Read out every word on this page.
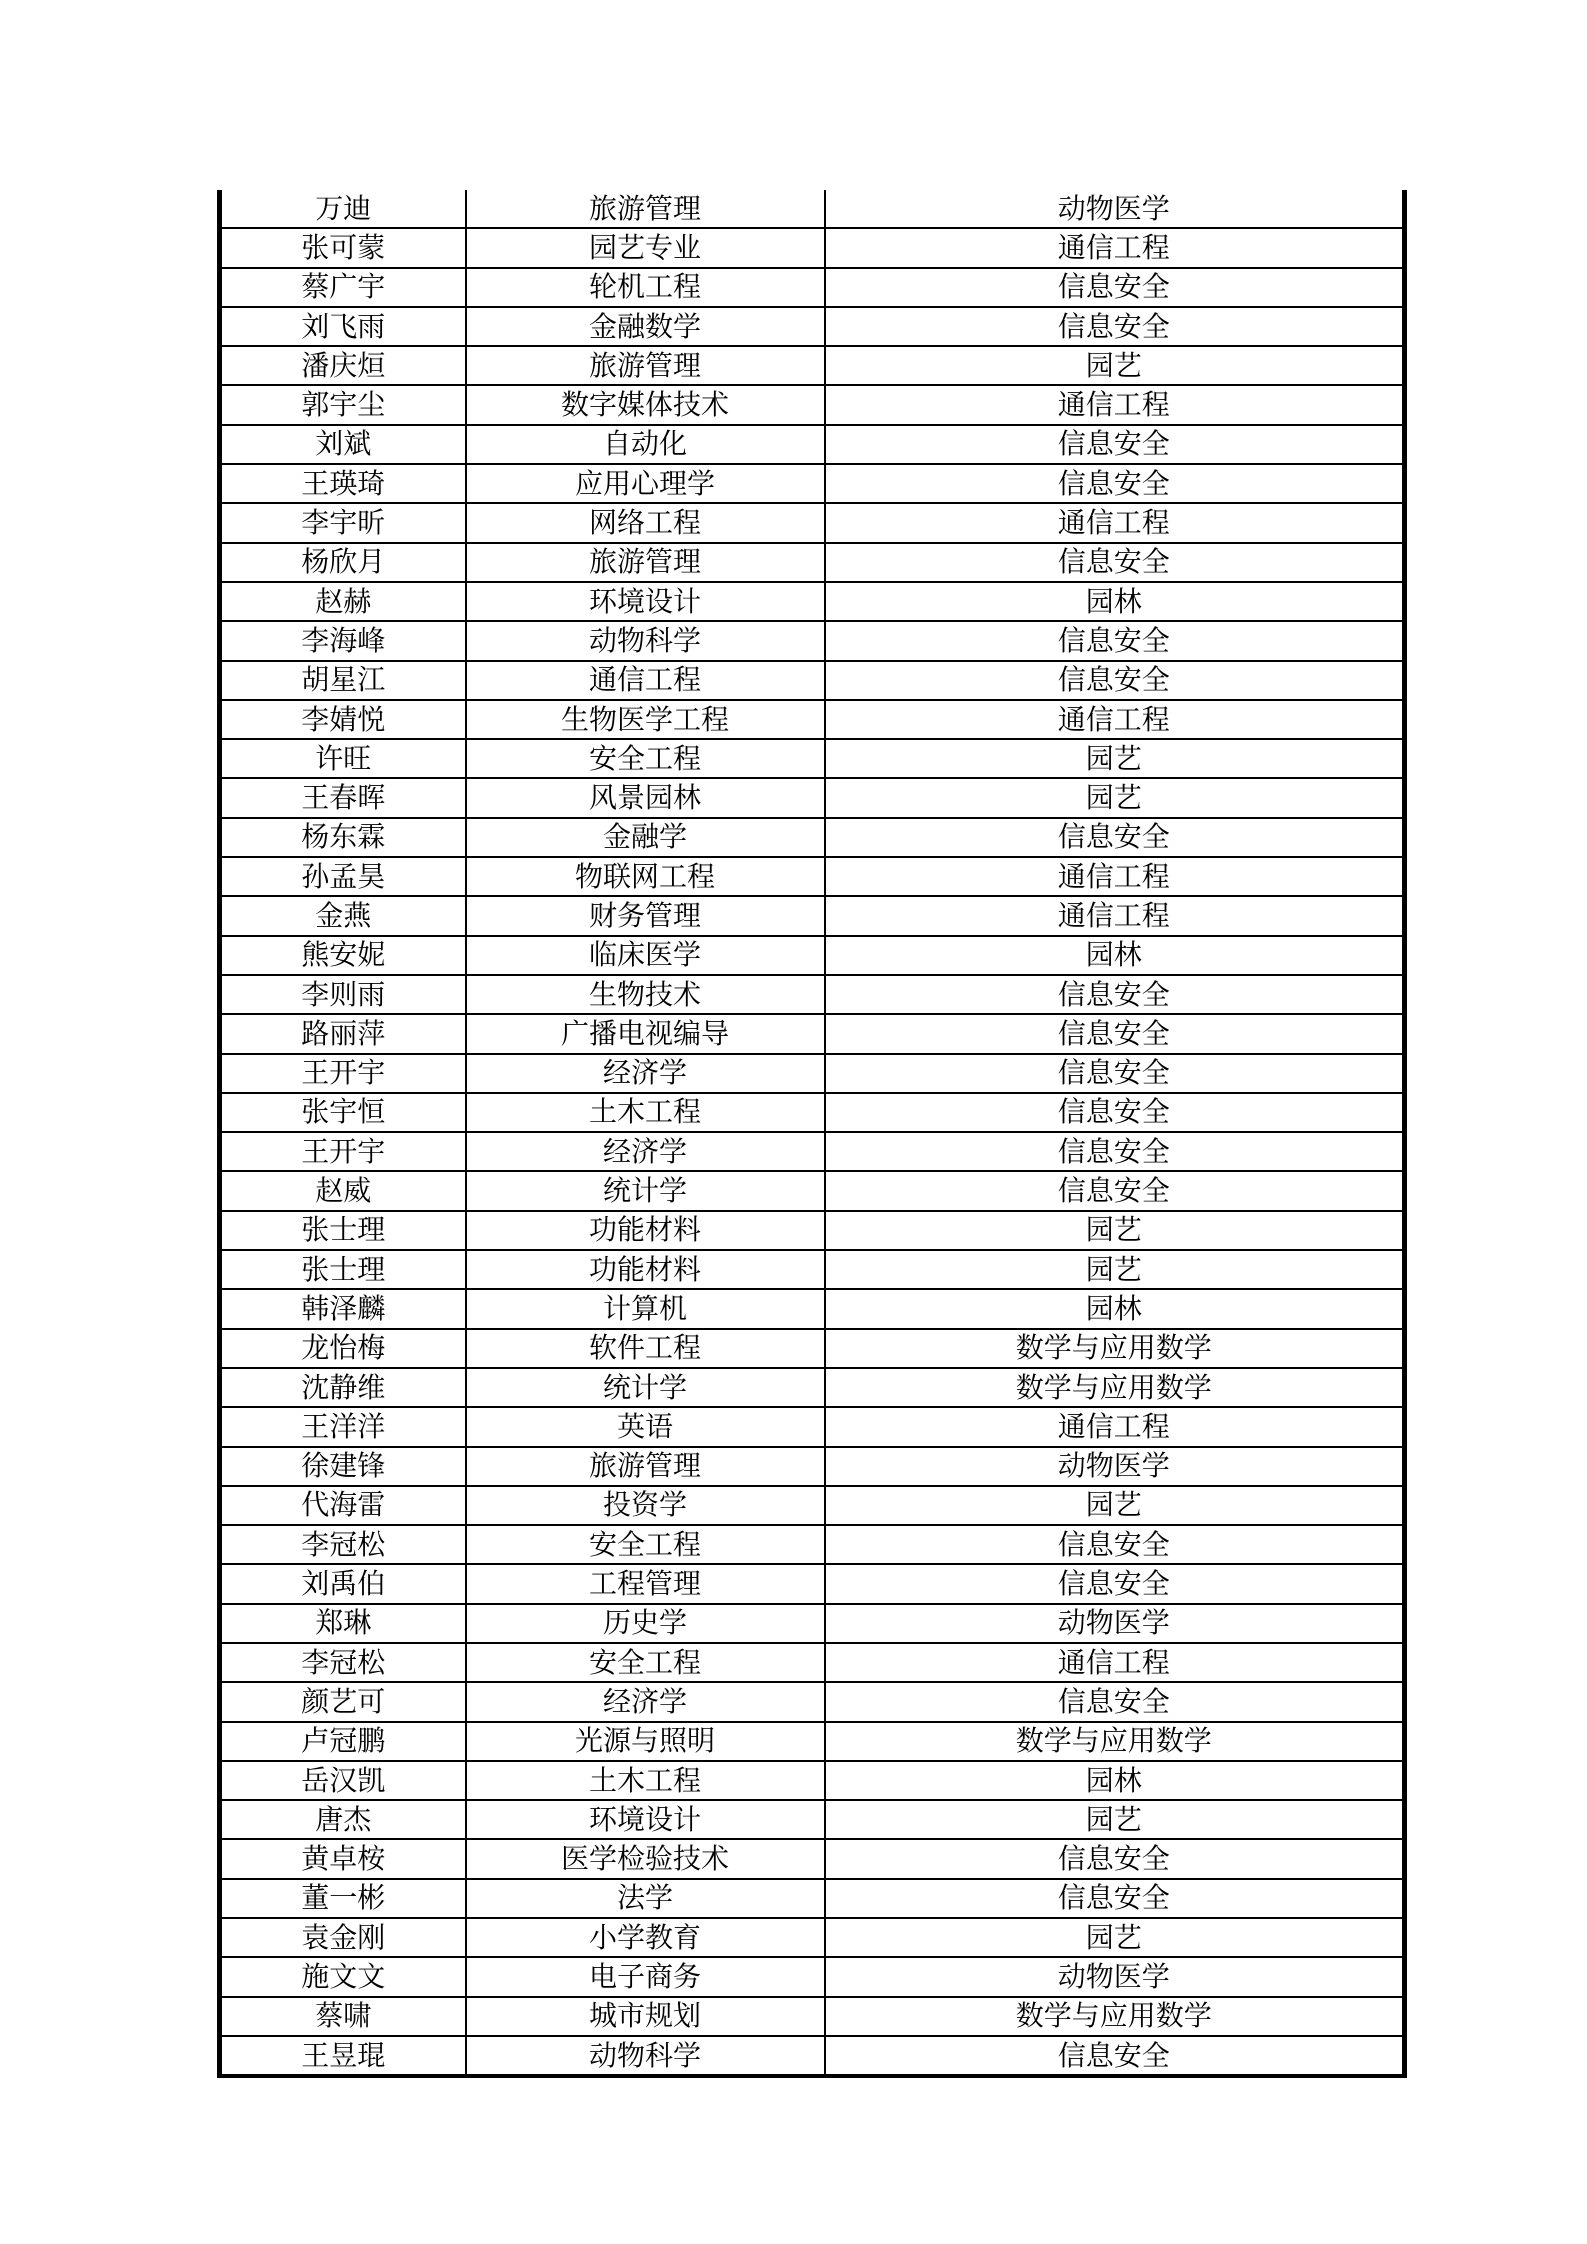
万迪	旅游管理	动物医学
张可蒙	园艺专业	通信工程
蔡广宇	轮机工程	信息安全
刘飞雨	金融数学	信息安全
潘庆烜	旅游管理	园艺
郭宇尘	数字媒体技术	通信工程
刘斌	自动化	信息安全
王瑛琦	应用心理学	信息安全
李宇昕	网络工程	通信工程
杨欣月	旅游管理	信息安全
赵赫	环境设计	园林
李海峰	动物科学	信息安全
胡星江	通信工程	信息安全
李婧悦	生物医学工程	通信工程
许旺	安全工程	园艺
王春晖	风景园林	园艺
杨东霖	金融学	信息安全
孙孟昊	物联网工程	通信工程
金燕	财务管理	通信工程
熊安妮	临床医学	园林
李则雨	生物技术	信息安全
路丽萍	广播电视编导	信息安全
王开宇	经济学	信息安全
张宇恒	土木工程	信息安全
王开宇	经济学	信息安全
赵威	统计学	信息安全
张士理	功能材料	园艺
张士理	功能材料	园艺
韩泽麟	计算机	园林
龙怡梅	软件工程	数学与应用数学
沈静维	统计学	数学与应用数学
王洋洋	英语	通信工程
徐建锋	旅游管理	动物医学
代海雷	投资学	园艺
李冠松	安全工程	信息安全
刘禹伯	工程管理	信息安全
郑琳	历史学	动物医学
李冠松	安全工程	通信工程
颜艺可	经济学	信息安全
卢冠鹏	光源与照明	数学与应用数学
岳汉凯	土木工程	园林
唐杰	环境设计	园艺
黄卓桉	医学检验技术	信息安全
董一彬	法学	信息安全
袁金刚	小学教育	园艺
施文文	电子商务	动物医学
蔡啸	城市规划	数学与应用数学
王昱琨	动物科学	信息安全
